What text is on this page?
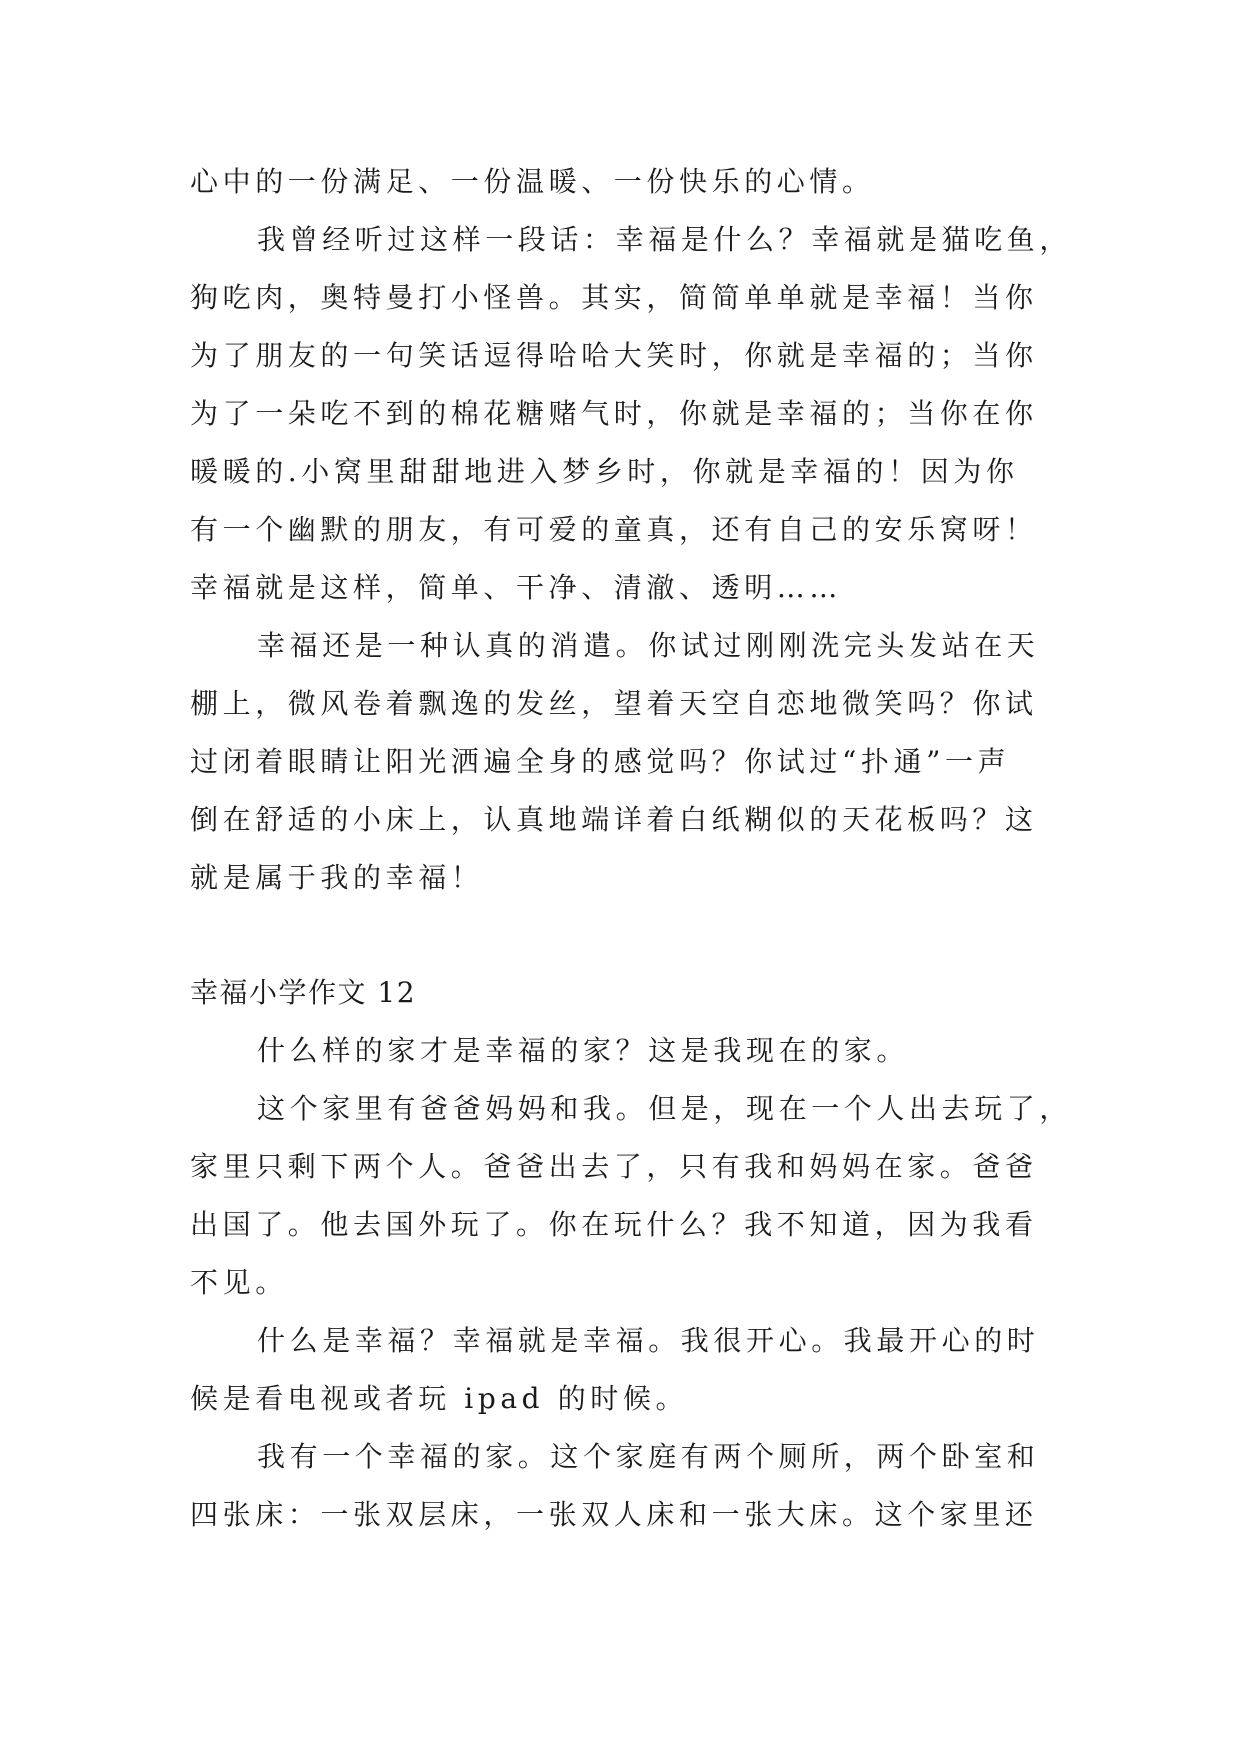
心中的一份满足、一份温暖、一份快乐的心情。

我曾经听过这样一段话：幸福是什么？幸福就是猫吃鱼，

狗吃肉，奥特曼打小怪兽。其实，简简单单就是幸福！当你

为了朋友的一句笑话逗得哈哈大笑时，你就是幸福的；当你

为了一朵吃不到的棉花糖赌气时，你就是幸福的；当你在你

暖暖的.小窝里甜甜地进入梦乡时，你就是幸福的！因为你

有一个幽默的朋友，有可爱的童真，还有自己的安乐窝呀！

幸福就是这样，简单、干净、清澈、透明……

幸福还是一种认真的消遣。你试过刚刚洗完头发站在天

棚上，微风卷着飘逸的发丝，望着天空自恋地微笑吗？你试

过闭着眼睛让阳光洒遍全身的感觉吗？你试过“扑通”一声

倒在舒适的小床上，认真地端详着白纸糊似的天花板吗？这

就是属于我的幸福！

幸福小学作文 12

什么样的家才是幸福的家？这是我现在的家。

这个家里有爸爸妈妈和我。但是，现在一个人出去玩了，

家里只剩下两个人。爸爸出去了，只有我和妈妈在家。爸爸

出国了。他去国外玩了。你在玩什么？我不知道，因为我看

不见。

什么是幸福？幸福就是幸福。我很开心。我最开心的时

候是看电视或者玩 ipad 的时候。

我有一个幸福的家。这个家庭有两个厕所，两个卧室和

四张床：一张双层床，一张双人床和一张大床。这个家里还
